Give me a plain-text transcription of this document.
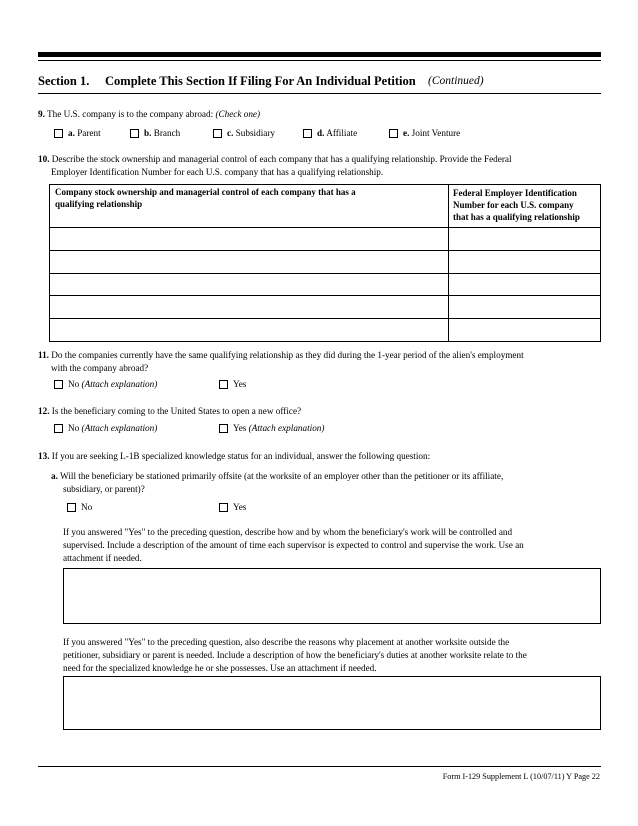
Section 1. Complete This Section If Filing For An Individual Petition (Continued)
9. The U.S. company is to the company abroad: (Check one)
a. Parent	b. Branch	c. Subsidiary	d. Affiliate	e. Joint Venture
10. Describe the stock ownership and managerial control of each company that has a qualifying relationship. Provide the Federal
Employer Identification Number for each U.S. company that has a qualifying relationship.
Company stock ownership and managerial control of each company that has a
qualifying relationship
Federal Employer Identification
Number for each U.S. company
that has a qualifying relationship
11. Do the companies currently have the same qualifying relationship as they did during the 1-year period of the alien's employment
with the company abroad?
No (Attach explanation)	Yes
12. Is the beneficiary coming to the United States to open a new office?
No (Attach explanation)	Yes (Attach explanation)
13. If you are seeking L-1B specialized knowledge status for an individual, answer the following question:
a. Will the beneficiary be stationed primarily offsite (at the worksite of an employer other than the petitioner or its affiliate,
subsidiary, or parent)?
No	Yes
If you answered "Yes" to the preceding question, describe how and by whom the beneficiary's work will be controlled and
supervised. Include a description of the amount of time each supervisor is expected to control and supervise the work. Use an
attachment if needed.
If you answered "Yes" to the preceding question, also describe the reasons why placement at another worksite outside the
petitioner, subsidiary or parent is needed. Include a description of how the beneficiary's duties at another worksite relate to the
need for the specialized knowledge he or she possesses. Use an attachment if needed.
Form I-129 Supplement L (10/07/11) Y Page 22
